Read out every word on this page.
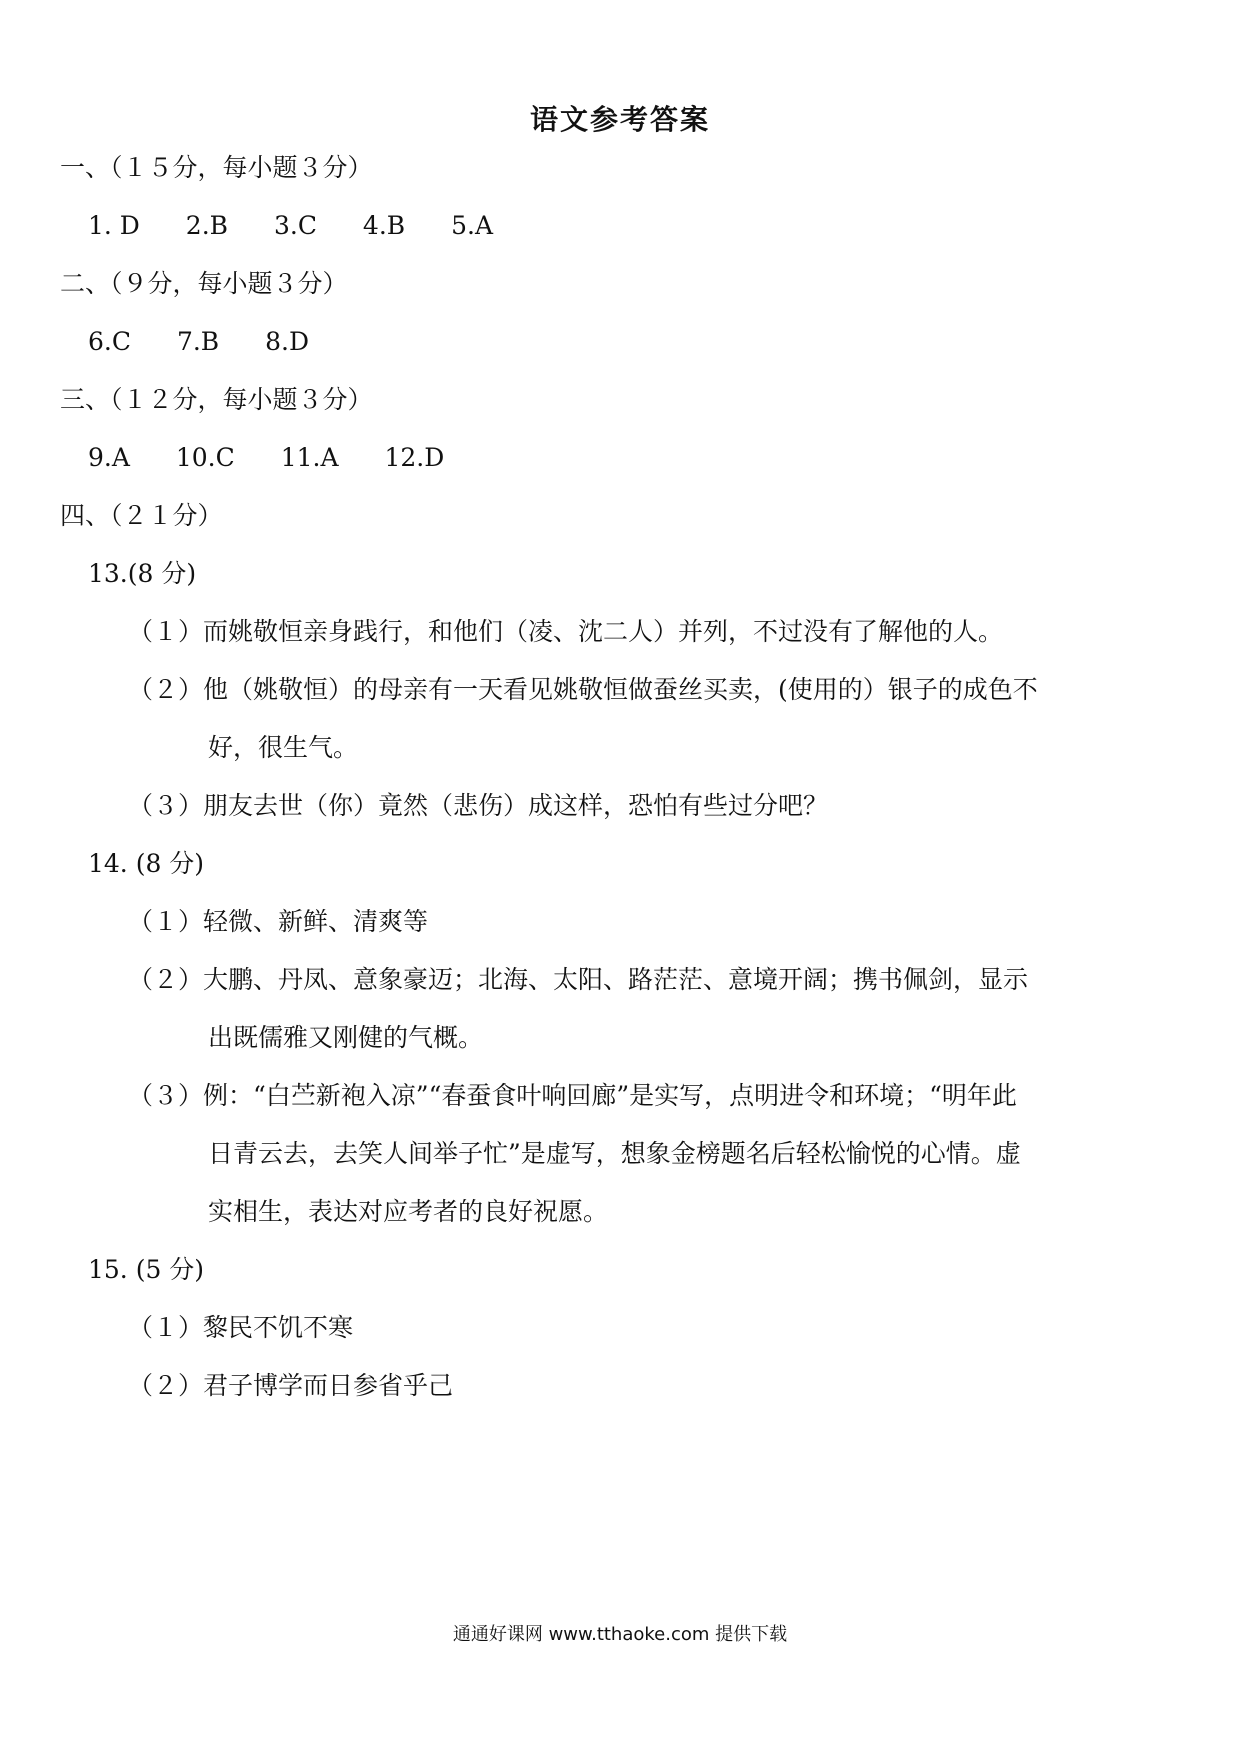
语文参考答案
一、（１５分，每小题３分）
1. D 2.B 3.C 4.B 5.A
二、（９分，每小题３分）
6.C 7.B 8.D
三、（１２分，每小题３分）
9.A 10.C 11.A 12.D
四、（２１分）
13.(8 分)
（１）而姚敬恒亲身践行，和他们（凌、沈二人）并列，不过没有了解他的人。
（２）他（姚敬恒）的母亲有一天看见姚敬恒做蚕丝买卖，(使用的）银子的成色不
好，很生气。
（３）朋友去世（你）竟然（悲伤）成这样，恐怕有些过分吧？
14. (8 分)
（１）轻微、新鲜、清爽等
（２）大鹏、丹凤、意象豪迈；北海、太阳、路茫茫、意境开阔；携书佩剑，显示
出既儒雅又刚健的气概。
（３）例：“白苎新袍入凉”“春蚕食叶响回廊”是实写，点明进令和环境；“明年此
日青云去，去笑人间举子忙”是虚写，想象金榜题名后轻松愉悦的心情。虚
实相生，表达对应考者的良好祝愿。
15. (5 分)
（１）黎民不饥不寒
（２）君子博学而日参省乎己
通通好课网 www.tthaoke.com 提供下载
